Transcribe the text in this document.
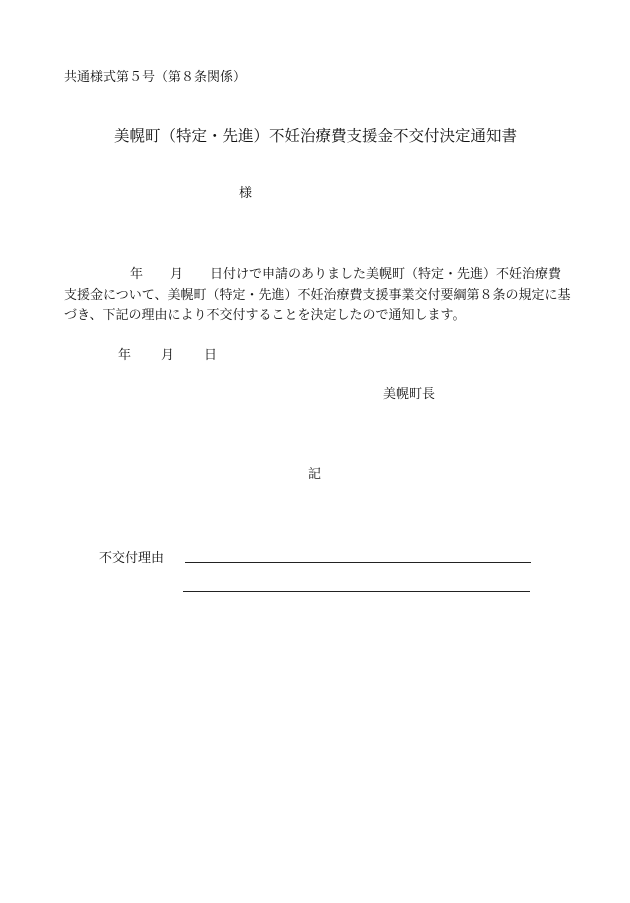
共通様式第５号（第８条関係）
美幌町（特定・先進）不妊治療費支援金不交付決定通知書
様
年 月 日付けで申請のありました美幌町（特定・先進）不妊治療費
支援金について、美幌町（特定・先進）不妊治療費支援事業交付要綱第８条の規定に基
づき、下記の理由により不交付することを決定したので通知します。
年 月 日
美幌町長
記
不交付理由
